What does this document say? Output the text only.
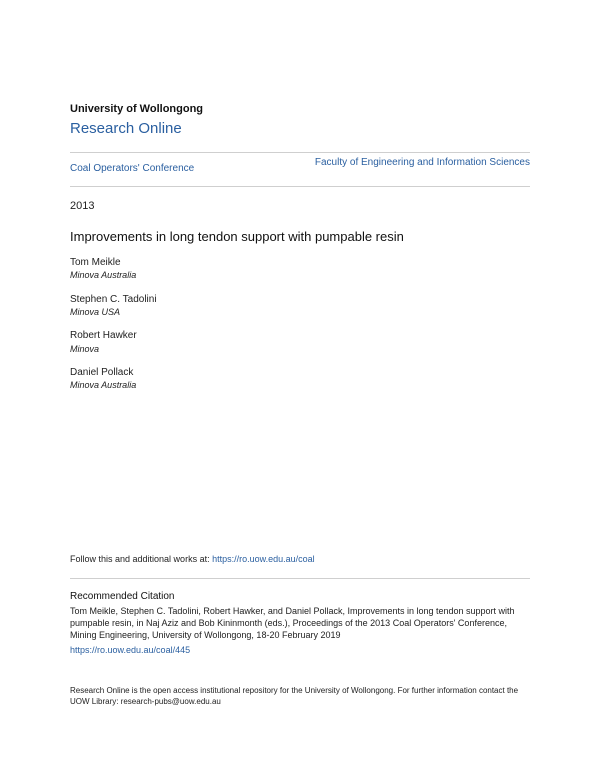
University of Wollongong
Research Online
Coal Operators' Conference
Faculty of Engineering and Information Sciences
2013
Improvements in long tendon support with pumpable resin
Tom Meikle
Minova Australia
Stephen C. Tadolini
Minova USA
Robert Hawker
Minova
Daniel Pollack
Minova Australia
Follow this and additional works at: https://ro.uow.edu.au/coal
Recommended Citation
Tom Meikle, Stephen C. Tadolini, Robert Hawker, and Daniel Pollack, Improvements in long tendon support with pumpable resin, in Naj Aziz and Bob Kininmonth (eds.), Proceedings of the 2013 Coal Operators' Conference, Mining Engineering, University of Wollongong, 18-20 February 2019
https://ro.uow.edu.au/coal/445
Research Online is the open access institutional repository for the University of Wollongong. For further information contact the UOW Library: research-pubs@uow.edu.au
